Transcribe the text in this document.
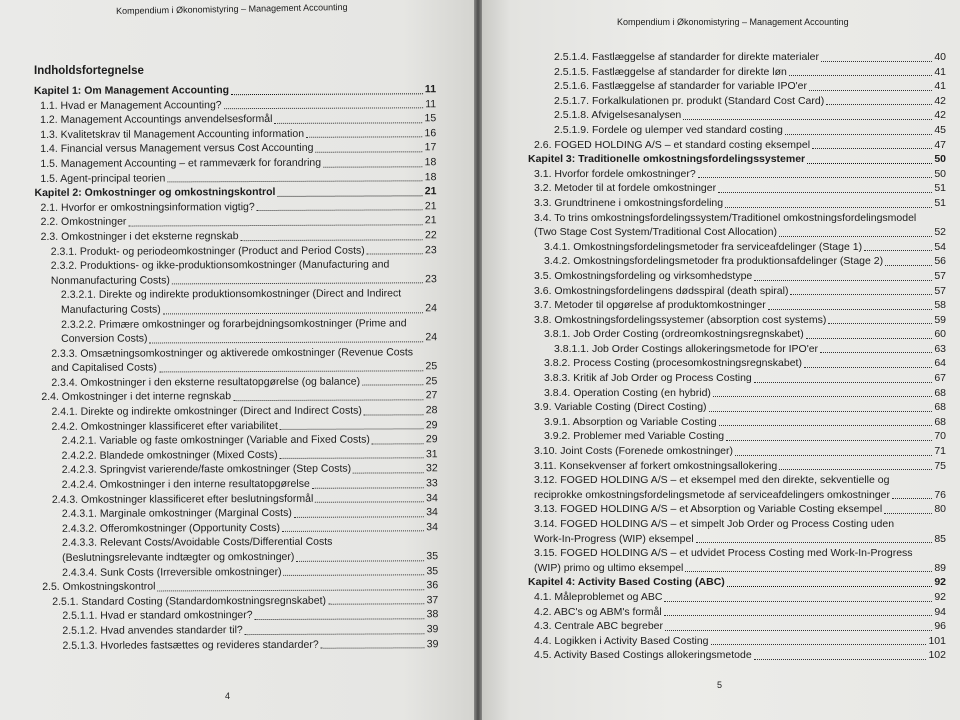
Kompendium i Økonomistyring – Management Accounting
Indholdsfortegnelse
Kapitel 1: Om Management Accounting	11
1.1. Hvad er Management Accounting?	11
1.2. Management Accountings anvendelsesformål	15
1.3. Kvalitetskrav til Management Accounting information	16
1.4. Financial versus Management versus Cost Accounting	17
1.5. Management Accounting – et rammeværk for forandring	18
1.5. Agent-principal teorien	18
Kapitel 2: Omkostninger og omkostningskontrol	21
2.1. Hvorfor er omkostningsinformation vigtig?	21
2.2. Omkostninger	21
2.3. Omkostninger i det eksterne regnskab	22
2.3.1. Produkt- og periodeomkostninger (Product and Period Costs)	23
2.3.2. Produktions- og ikke-produktionsomkostninger (Manufacturing and
Nonmanufacturing Costs)	23
2.3.2.1. Direkte og indirekte produktionsomkostninger (Direct and Indirect
Manufacturing Costs)	24
2.3.2.2. Primære omkostninger og forarbejdningsomkostninger (Prime and
Conversion Costs)	24
2.3.3. Omsætningsomkostninger og aktiverede omkostninger (Revenue Costs
and Capitalised Costs)	25
2.3.4. Omkostninger i den eksterne resultatopgørelse (og balance)	25
2.4. Omkostninger i det interne regnskab	27
2.4.1. Direkte og indirekte omkostninger (Direct and Indirect Costs)	28
2.4.2. Omkostninger klassificeret efter variabilitet	29
2.4.2.1. Variable og faste omkostninger (Variable and Fixed Costs)	29
2.4.2.2. Blandede omkostninger (Mixed Costs)	31
2.4.2.3. Springvist varierende/faste omkostninger (Step Costs)	32
2.4.2.4. Omkostninger i den interne resultatopgørelse	33
2.4.3. Omkostninger klassificeret efter beslutningsformål	34
2.4.3.1. Marginale omkostninger (Marginal Costs)	34
2.4.3.2. Offeromkostninger (Opportunity Costs)	34
2.4.3.3. Relevant Costs/Avoidable Costs/Differential Costs
(Beslutningsrelevante indtægter og omkostninger)	35
2.4.3.4. Sunk Costs (Irreversible omkostninger)	35
2.5. Omkostningskontrol	36
2.5.1. Standard Costing (Standardomkostningsregnskabet)	37
2.5.1.1. Hvad er standard omkostninger?	38
2.5.1.2. Hvad anvendes standarder til?	39
2.5.1.3. Hvorledes fastsættes og revideres standarder?	39
4
Kompendium i Økonomistyring – Management Accounting
2.5.1.4. Fastlæggelse af standarder for direkte materialer	40
2.5.1.5. Fastlæggelse af standarder for direkte løn	41
2.5.1.6. Fastlæggelse af standarder for variable IPO'er	41
2.5.1.7. Forkalkulationen pr. produkt (Standard Cost Card)	42
2.5.1.8. Afvigelsesanalysen	42
2.5.1.9. Fordele og ulemper ved standard costing	45
2.6. FOGED HOLDING A/S – et standard costing eksempel	47
Kapitel 3: Traditionelle omkostningsfordelingssystemer	50
3.1. Hvorfor fordele omkostninger?	50
3.2. Metoder til at fordele omkostninger	51
3.3. Grundtrinene i omkostningsfordeling	51
3.4. To trins omkostningsfordelingssystem/Traditionel omkostningsfordelingsmodel
(Two Stage Cost System/Traditional Cost Allocation)	52
3.4.1. Omkostningsfordelingsmetoder fra serviceafdelinger (Stage 1)	54
3.4.2. Omkostningsfordelingsmetoder fra produktionsafdelinger (Stage 2)	56
3.5. Omkostningsfordeling og virksomhedstype	57
3.6. Omkostningsfordelingens dødsspiral (death spiral)	57
3.7. Metoder til opgørelse af produktomkostninger	58
3.8. Omkostningsfordelingssystemer (absorption cost systems)	59
3.8.1. Job Order Costing (ordreomkostningsregnskabet)	60
3.8.1.1. Job Order Costings allokeringsmetode for IPO'er	63
3.8.2. Process Costing (procesomkostningsregnskabet)	64
3.8.3. Kritik af Job Order og Process Costing	67
3.8.4. Operation Costing (en hybrid)	68
3.9. Variable Costing (Direct Costing)	68
3.9.1. Absorption og Variable Costing	68
3.9.2. Problemer med Variable Costing	70
3.10. Joint Costs (Forenede omkostninger)	71
3.11. Konsekvenser af forkert omkostningsallokering	75
3.12. FOGED HOLDING A/S – et eksempel med den direkte, sekventielle og
reciprokke omkostningsfordelingsmetode af serviceafdelingers omkostninger	76
3.13. FOGED HOLDING A/S – et Absorption og Variable Costing eksempel	80
3.14. FOGED HOLDING A/S – et simpelt Job Order og Process Costing uden
Work-In-Progress (WIP) eksempel	85
3.15. FOGED HOLDING A/S – et udvidet Process Costing med Work-In-Progress
(WIP) primo og ultimo eksempel	89
Kapitel 4: Activity Based Costing (ABC)	92
4.1. Måleproblemet og ABC	92
4.2. ABC's og ABM's formål	94
4.3. Centrale ABC begreber	96
4.4. Logikken i Activity Based Costing	101
4.5. Activity Based Costings allokeringsmetode	102
5
